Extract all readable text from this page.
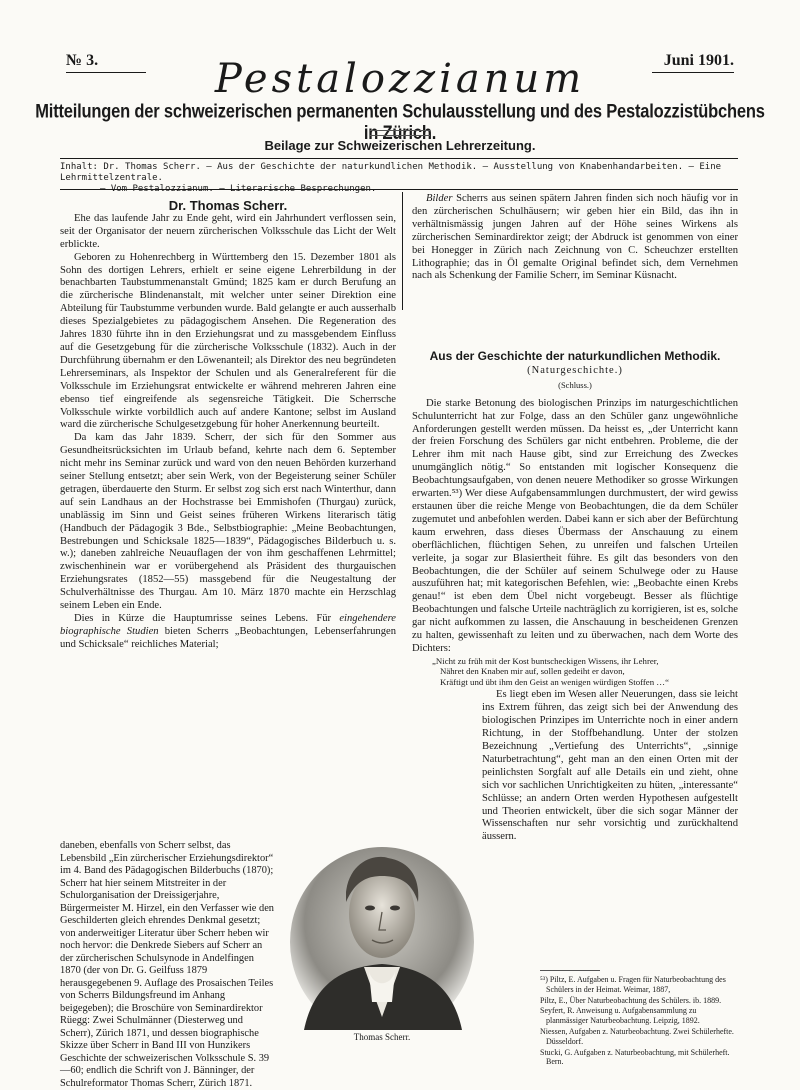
№ 3.	Juni 1901.
Pestalozzianum
Mitteilungen der schweizerischen permanenten Schulausstellung und des Pestalozzistübchens in Zürich.
Beilage zur Schweizerischen Lehrerzeitung.
Inhalt: Dr. Thomas Scherr. — Aus der Geschichte der naturkundlichen Methodik. — Ausstellung von Knabenhandarbeiten. — Eine Lehrmittelzentrale.
— Vom Pestalozzianum. — Literarische Besprechungen.

Dr. Thomas Scherr.

Ehe das laufende Jahr zu Ende geht, wird ein Jahrhundert verflossen sein, seit der Organisator der neuern zürcherischen Volksschule das Licht der Welt erblickte.

Geboren zu Hohenrechberg in Württemberg den 15. Dezember 1801 als Sohn des dortigen Lehrers, erhielt er seine eigene Lehrerbildung in der benachbarten Taubstummenanstalt Gmünd; 1825 kam er durch Berufung an die zürcherische Blindenanstalt, mit welcher unter seiner Direktion eine Abteilung für Taubstumme verbunden wurde. Bald gelangte er auch ausserhalb dieses Spezialgebietes zu pädagogischem Ansehen. Die Regeneration des Jahres 1830 führte ihn in den Erziehungsrat und zu massgebendem Einfluss auf die Gesetzgebung für die zürcherische Volksschule (1832). Auch in der Durchführung übernahm er den Löwenanteil; als Direktor des neu begründeten Lehrerseminars, als Inspektor der Schulen und als Generalreferent für die Volksschule im Erziehungsrat entwickelte er während mehreren Jahren eine ebenso tief eingreifende als segensreiche Tätigkeit. Die Scherrsche Volksschule wirkte vorbildlich auch auf andere Kantone; selbst im Ausland ward die zürcherische Schulgesetzgebung für hoher Anerkennung beurteilt.

Da kam das Jahr 1839. Scherr, der sich für den Sommer aus Gesundheitsrücksichten im Urlaub befand, kehrte nach dem 6. September nicht mehr ins Seminar zurück und ward von den neuen Behörden kurzerhand seiner Stellung entsetzt; aber sein Werk, von der Begeisterung seiner Schüler getragen, überdauerte den Sturm. Er selbst zog sich erst nach Winterthur, dann auf sein Landhaus an der Hochstrasse bei Emmishofen (Thurgau) zurück, unablässig im Sinn und Geist seines früheren Wirkens literarisch tätig (Handbuch der Pädagogik 3 Bde., Selbstbiographie: „Meine Beobachtungen, Bestrebungen und Schicksale 1825—1839“, Pädagogisches Bilderbuch u. s. w.); daneben zahlreiche Neuauflagen der von ihm geschaffenen Lehrmittel; zwischenhinein war er vorübergehend als Präsident des thurgauischen Erziehungsrates (1852—55) massgebend für die Neugestaltung der Schulverhältnisse des Thurgau. Am 10. März 1870 machte ein Herzschlag seinem Leben ein Ende.

Dies in Kürze die Hauptumrisse seines Lebens. Für eingehendere biographische Studien bieten Scherrs „Beobachtungen, Lebenserfahrungen und Schicksale“ reichliches Material;

daneben, ebenfalls von Scherr selbst, das Lebensbild „Ein zürcherischer Erziehungsdirektor“ im 4. Band des Pädagogischen Bilderbuchs (1870); Scherr hat hier seinem Mitstreiter in der Schulorganisation der Dreissigerjahre, Bürgermeister M. Hirzel, ein den Verfasser wie den Geschilderten gleich ehrendes Denkmal gesetzt; von anderweitiger Literatur über Scherr heben wir noch hervor: die Denkrede Siebers auf Scherr an der zürcherischen Schulsynode in Andelfingen 1870 (der von Dr. G. Geilfuss 1879 herausgegebenen 9. Auflage des Prosaischen Teiles von Scherrs Bildungsfreund im Anhang beigegeben); die Broschüre von Seminardirektor Rüegg: Zwei Schulmänner (Diesterweg und Scherr), Zürich 1871, und dessen biographische Skizze über Scherr in Band III von Hunzikers Geschichte der schweizerischen Volksschule S. 39—60; endlich die Schrift von J. Bänninger, der Schulreformator Thomas Scherr, Zürich 1871.

Thomas Scherr.

Bilder Scherrs aus seinen spätern Jahren finden sich noch häufig vor in den zürcherischen Schulhäusern; wir geben hier ein Bild, das ihn in verhältnismässig jungen Jahren auf der Höhe seines Wirkens als zürcherischen Seminardirektor zeigt; der Abdruck ist genommen von einer bei Honegger in Zürich nach Zeichnung von C. Scheuchzer erstellten Lithographie; das in Öl gemalte Original befindet sich, dem Vernehmen nach als Schenkung der Familie Scherr, im Seminar Küsnacht.

Aus der Geschichte der naturkundlichen Methodik.
(Naturgeschichte.)
(Schluss.)

Die starke Betonung des biologischen Prinzips im naturgeschichtlichen Schulunterricht hat zur Folge, dass an den Schüler ganz ungewöhnliche Anforderungen gestellt werden müssen. Da heisst es, „der Unterricht kann der freien Forschung des Schülers gar nicht entbehren. Probleme, die der Lehrer ihm mit nach Hause gibt, sind zur Erreichung des Zweckes unumgänglich nötig.“ So entstanden mit logischer Konsequenz die Beobachtungsaufgaben, von denen neuere Methodiker so grosse Wirkungen erwarten.⁵³) Wer diese Aufgabensammlungen durchmustert, der wird gewiss erstaunen über die reiche Menge von Beobachtungen, die da dem Schüler zugemutet und anbefohlen werden. Dabei kann er sich aber der Befürchtung kaum erwehren, dass dieses Übermass der Anschauung zu einem oberflächlichen, flüchtigen Sehen, zu unreifen und falschen Urteilen verleite, ja sogar zur Blasiertheit führe. Es gilt das besonders von den Beobachtungen, die der Schüler auf seinem Schulwege oder zu Hause auszuführen hat; mit kategorischen Befehlen, wie: „Beobachte einen Krebs genau!“ ist eben dem Übel nicht vorgebeugt. Besser als flüchtige Beobachtungen und falsche Urteile nachträglich zu korrigieren, ist es, solche gar nicht aufkommen zu lassen, die Anschauung in bescheidenen Grenzen zu halten, gewissenhaft zu leiten und zu überwachen, nach dem Worte des Dichters:

„Nicht zu früh mit der Kost buntscheckigen Wissens, ihr Lehrer,
Nähret den Knaben mir auf, sollen gedeiht er davon,
Kräftigt und übt ihm den Geist an wenigen würdigen Stoffen …“

Es liegt eben im Wesen aller Neuerungen, dass sie leicht ins Extrem führen, das zeigt sich bei der Anwendung des biologischen Prinzipes im Unterrichte noch in einer andern Richtung, in der Stoffbehandlung. Unter der stolzen Bezeichnung „Vertiefung des Unterrichts“, „sinnige Naturbetrachtung“, geht man an den einen Orten mit der peinlichsten Sorgfalt auf alle Details ein und zieht, ohne sich vor sachlichen Unrichtigkeiten zu hüten, „interessante“ Schlüsse; an andern Orten werden Hypothesen aufgestellt und Theorien entwickelt, über die sich sogar Männer der Wissenschaften nur sehr vorsichtig und zurückhaltend äussern.

⁵³) Piltz, E. Aufgaben u. Fragen für Naturbeobachtung des Schülers in der Heimat. Weimar, 1887,
Piltz, E., Über Naturbeobachtung des Schülers. ib. 1889.
Seyfert, R. Anweisung u. Aufgabensammlung zu planmässiger Naturbeobachtung. Leipzig, 1892.
Niessen, Aufgaben z. Naturbeobachtung. Zwei Schülerhefte. Düsseldorf.
Stucki, G. Aufgaben z. Naturbeobachtung, mit Schülerheft. Bern.
